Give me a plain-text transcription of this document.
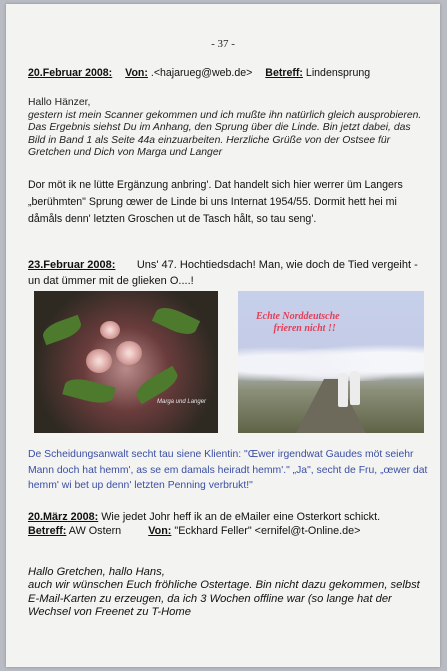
- 37 -
20.Februar 2008: Von: .<hajarueg@web.de> Betreff: Lindensprung

Hallo Hänzer,

gestern ist mein Scanner gekommen und ich mußte ihn natürlich gleich ausprobieren. Das Ergebnis siehst Du im Anhang, den Sprung über die Linde. Bin jetzt dabei, das Bild in Band 1 als Seite 44a einzuarbeiten. Herzliche Grüße von der Ostsee für Gretchen und Dich von Marga und Langer

Dor möt ik ne lütte Ergänzung anbring'. Dat handelt sich hier werrer üm Langers „berühmten" Sprung œwer de Linde bi uns Internat 1954/55. Dormit hett hei mi dåmåls denn' letzten Groschen ut de Tasch hålt, so tau seng'.
23.Februar 2008: Uns' 47. Hochtiedsdach! Man, wie doch de Tied vergeiht - un dat ümmer mit de glieken O....!
Marga und Langer
Echte Norddeutsche
frieren nicht !!
De Scheidungsanwalt secht tau siene Klientin: "Œwer irgendwat Gaudes möt seiehr Mann doch hat hemm', as se em damals heiradt hemm'." „Ja", secht de Fru, „œwer dat hemm' wi bet up denn' letzten Penning verbrukt!"
20.März 2008: Wie jedet Johr heff ik an de eMailer eine Osterkort schickt.
Betreff: AW Ostern	Von: "Eckhard Feller" <ernifel@t-Online.de>

Hallo Gretchen, hallo Hans,

auch wir wünschen Euch fröhliche Ostertage. Bin nicht dazu gekommen, selbst E-Mail-Karten zu erzeugen, da ich 3 Wochen offline war (so lange hat der Wechsel von Freenet zu T-Home
